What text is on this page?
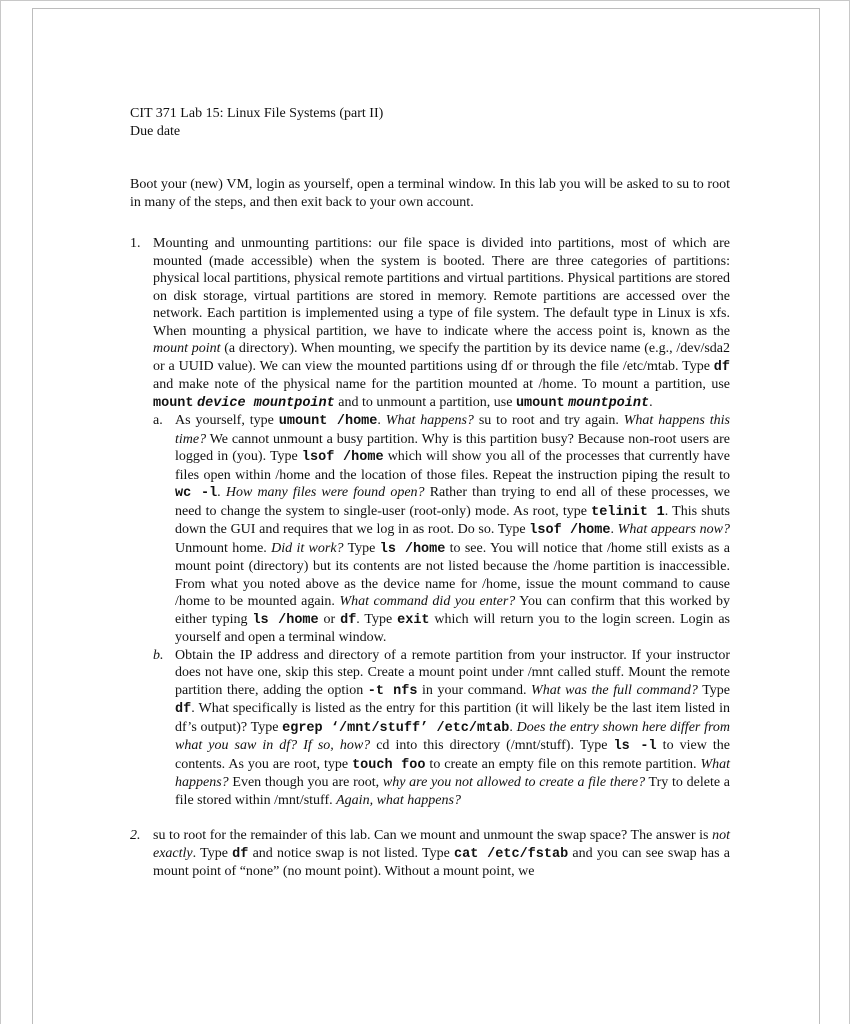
CIT 371 Lab 15: Linux File Systems (part II)

Due date

Boot your (new) VM, login as yourself, open a terminal window. In this lab you will be asked to su to root in many of the steps, and then exit back to your own account.

1. Mounting and unmounting partitions: our file space is divided into partitions, most of which are mounted (made accessible) when the system is booted. There are three categories of partitions: physical local partitions, physical remote partitions and virtual partitions. Physical partitions are stored on disk storage, virtual partitions are stored in memory. Remote partitions are accessed over the network. Each partition is implemented using a type of file system. The default type in Linux is xfs. When mounting a physical partition, we have to indicate where the access point is, known as the mount point (a directory). When mounting, we specify the partition by its device name (e.g., /dev/sda2 or a UUID value). We can view the mounted partitions using df or through the file /etc/mtab. Type df and make note of the physical name for the partition mounted at /home. To mount a partition, use mount device mountpoint and to unmount a partition, use umount mountpoint.
a. As yourself, type umount /home. What happens? su to root and try again. What happens this time? We cannot unmount a busy partition. Why is this partition busy? Because non-root users are logged in (you). Type lsof /home which will show you all of the processes that currently have files open within /home and the location of those files. Repeat the instruction piping the result to wc -l. How many files were found open? Rather than trying to end all of these processes, we need to change the system to single-user (root-only) mode. As root, type telinit 1. This shuts down the GUI and requires that we log in as root. Do so. Type lsof /home. What appears now? Unmount home. Did it work? Type ls /home to see. You will notice that /home still exists as a mount point (directory) but its contents are not listed because the /home partition is inaccessible. From what you noted above as the device name for /home, issue the mount command to cause /home to be mounted again. What command did you enter? You can confirm that this worked by either typing ls /home or df. Type exit which will return you to the login screen. Login as yourself and open a terminal window.
b. Obtain the IP address and directory of a remote partition from your instructor. If your instructor does not have one, skip this step. Create a mount point under /mnt called stuff. Mount the remote partition there, adding the option -t nfs in your command. What was the full command? Type df. What specifically is listed as the entry for this partition (it will likely be the last item listed in df’s output)? Type egrep ‘/mnt/stuff’ /etc/mtab. Does the entry shown here differ from what you saw in df? If so, how? cd into this directory (/mnt/stuff). Type ls -l to view the contents. As you are root, type touch foo to create an empty file on this remote partition. What happens? Even though you are root, why are you not allowed to create a file there? Try to delete a file stored within /mnt/stuff. Again, what happens?
2. su to root for the remainder of this lab. Can we mount and unmount the swap space? The answer is not exactly. Type df and notice swap is not listed. Type cat /etc/fstab and you can see swap has a mount point of “none” (no mount point). Without a mount point, we
